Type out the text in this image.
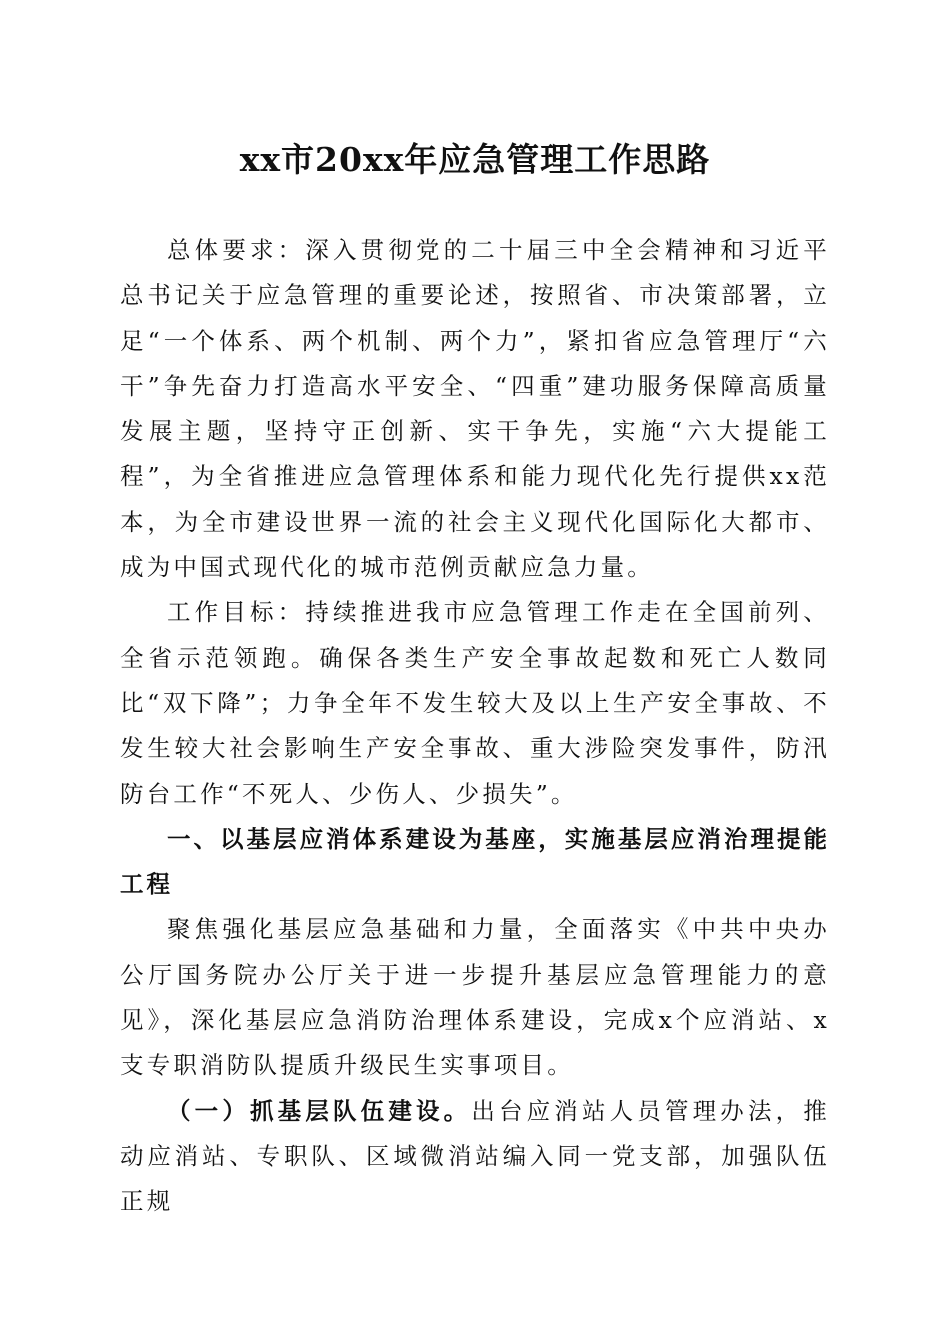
xx市20xx年应急管理工作思路

总体要求：深入贯彻党的二十届三中全会精神和习近平总书记关于应急管理的重要论述，按照省、市决策部署，立足“一个体系、两个机制、两个力”，紧扣省应急管理厅“六干”争先奋力打造高水平安全、“四重”建功服务保障高质量发展主题，坚持守正创新、实干争先，实施“六大提能工程”，为全省推进应急管理体系和能力现代化先行提供xx范本，为全市建设世界一流的社会主义现代化国际化大都市、成为中国式现代化的城市范例贡献应急力量。

工作目标：持续推进我市应急管理工作走在全国前列、全省示范领跑。确保各类生产安全事故起数和死亡人数同比“双下降”；力争全年不发生较大及以上生产安全事故、不发生较大社会影响生产安全事故、重大涉险突发事件，防汛防台工作“不死人、少伤人、少损失”。

一、以基层应消体系建设为基座，实施基层应消治理提能工程

聚焦强化基层应急基础和力量，全面落实《中共中央办公厅国务院办公厅关于进一步提升基层应急管理能力的意见》，深化基层应急消防治理体系建设，完成x个应消站、x支专职消防队提质升级民生实事项目。

（一）抓基层队伍建设。出台应消站人员管理办法，推动应消站、专职队、区域微消站编入同一党支部，加强队伍正规
